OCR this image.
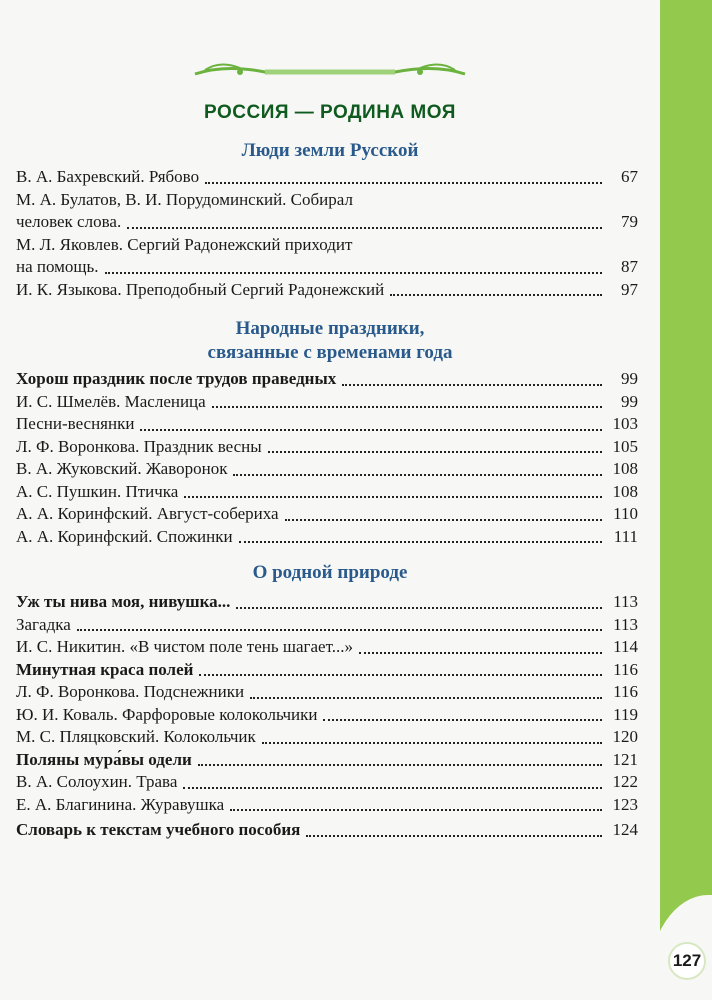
РОССИЯ — РОДИНА МОЯ
Люди земли Русской
В. А. Бахревский. Рябово	67
М. А. Булатов, В. И. Порудоминский. Собирал
человек слова.	79
М. Л. Яковлев. Сергий Радонежский приходит
на помощь.	87
И. К. Языкова. Преподобный Сергий Радонежский	97
Народные праздники,
связанные с временами года
Хорош праздник после трудов праведных	99
И. С. Шмелёв. Масленица	99
Песни-веснянки	103
Л. Ф. Воронкова. Праздник весны	105
В. А. Жуковский. Жаворонок	108
А. С. Пушкин. Птичка	108
А. А. Коринфский. Август-собериха	110
А. А. Коринфский. Спожинки	111
О родной природе
Уж ты нива моя, нивушка...	113
Загадка	113
И. С. Никитин. «В чистом поле тень шагает...»	114
Минутная краса полей	116
Л. Ф. Воронкова. Подснежники	116
Ю. И. Коваль. Фарфоровые колокольчики	119
М. С. Пляцковский. Колокольчик	120
Поляны мура́вы одели	121
В. А. Солоухин. Трава	122
Е. А. Благинина. Журавушка	123
Словарь к текстам учебного пособия	124
127
